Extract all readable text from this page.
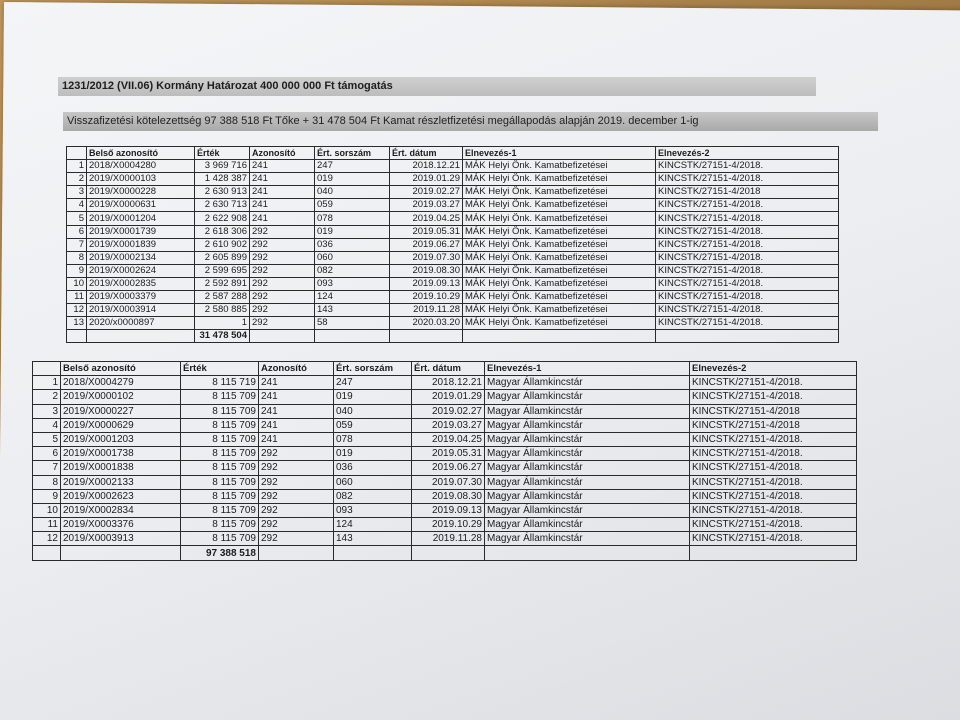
1231/2012 (VII.06) Kormány Határozat 400 000 000 Ft támogatás
Visszafizetési kötelezettség 97 388 518 Ft Tőke + 31 478 504 Ft Kamat részletfizetési megállapodás alapján 2019. december 1-ig
	Belső azonosító	Érték	Azonosító	Ért. sorszám	Ért. dátum	Elnevezés-1	Elnevezés-2
1	2018/X0004280	3 969 716	241	247	2018.12.21	MÁK Helyi Önk. Kamatbefizetései	KINCSTK/27151-4/2018.
2	2019/X0000103	1 428 387	241	019	2019.01.29	MÁK Helyi Önk. Kamatbefizetései	KINCSTK/27151-4/2018.
3	2019/X0000228	2 630 913	241	040	2019.02.27	MÁK Helyi Önk. Kamatbefizetései	KINCSTK/27151-4/2018
4	2019/X0000631	2 630 713	241	059	2019.03.27	MÁK Helyi Önk. Kamatbefizetései	KINCSTK/27151-4/2018.
5	2019/X0001204	2 622 908	241	078	2019.04.25	MÁK Helyi Önk. Kamatbefizetései	KINCSTK/27151-4/2018.
6	2019/X0001739	2 618 306	292	019	2019.05.31	MÁK Helyi Önk. Kamatbefizetései	KINCSTK/27151-4/2018.
7	2019/X0001839	2 610 902	292	036	2019.06.27	MÁK Helyi Önk. Kamatbefizetései	KINCSTK/27151-4/2018.
8	2019/X0002134	2 605 899	292	060	2019.07.30	MÁK Helyi Önk. Kamatbefizetései	KINCSTK/27151-4/2018.
9	2019/X0002624	2 599 695	292	082	2019.08.30	MÁK Helyi Önk. Kamatbefizetései	KINCSTK/27151-4/2018.
10	2019/X0002835	2 592 891	292	093	2019.09.13	MÁK Helyi Önk. Kamatbefizetései	KINCSTK/27151-4/2018.
11	2019/X0003379	2 587 288	292	124	2019.10.29	MÁK Helyi Önk. Kamatbefizetései	KINCSTK/27151-4/2018.
12	2019/X0003914	2 580 885	292	143	2019.11.28	MÁK Helyi Önk. Kamatbefizetései	KINCSTK/27151-4/2018.
13	2020/x0000897	1	292	58	2020.03.20	MÁK Helyi Önk. Kamatbefizetései	KINCSTK/27151-4/2018.
		31 478 504					
	Belső azonosító	Érték	Azonosító	Ért. sorszám	Ért. dátum	Elnevezés-1	Elnevezés-2
1	2018/X0004279	8 115 719	241	247	2018.12.21	Magyar Államkincstár	KINCSTK/27151-4/2018.
2	2019/X0000102	8 115 709	241	019	2019.01.29	Magyar Államkincstár	KINCSTK/27151-4/2018.
3	2019/X0000227	8 115 709	241	040	2019.02.27	Magyar Államkincstár	KINCSTK/27151-4/2018
4	2019/X0000629	8 115 709	241	059	2019.03.27	Magyar Államkincstár	KINCSTK/27151-4/2018
5	2019/X0001203	8 115 709	241	078	2019.04.25	Magyar Államkincstár	KINCSTK/27151-4/2018.
6	2019/X0001738	8 115 709	292	019	2019.05.31	Magyar Államkincstár	KINCSTK/27151-4/2018.
7	2019/X0001838	8 115 709	292	036	2019.06.27	Magyar Államkincstár	KINCSTK/27151-4/2018.
8	2019/X0002133	8 115 709	292	060	2019.07.30	Magyar Államkincstár	KINCSTK/27151-4/2018.
9	2019/X0002623	8 115 709	292	082	2019.08.30	Magyar Államkincstár	KINCSTK/27151-4/2018.
10	2019/X0002834	8 115 709	292	093	2019.09.13	Magyar Államkincstár	KINCSTK/27151-4/2018.
11	2019/X0003376	8 115 709	292	124	2019.10.29	Magyar Államkincstár	KINCSTK/27151-4/2018.
12	2019/X0003913	8 115 709	292	143	2019.11.28	Magyar Államkincstár	KINCSTK/27151-4/2018.
		97 388 518					
